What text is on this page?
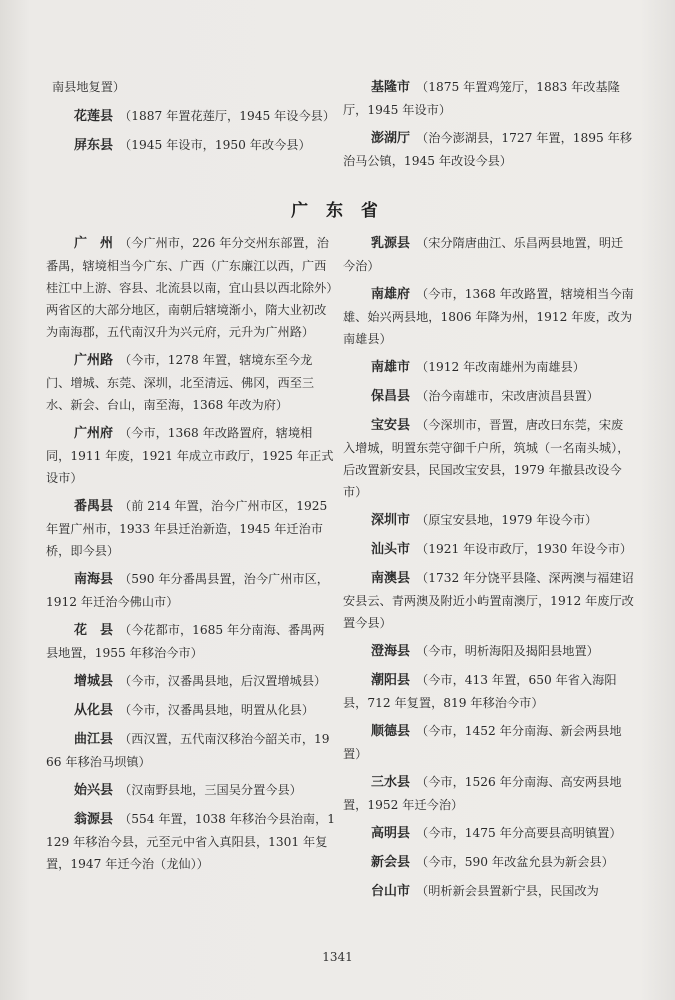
南县地复置）

花莲县 （1887 年置花莲厅，1945 年设今县）

屏东县 （1945 年设市，1950 年改今县）

基隆市 （1875 年置鸡笼厅，1883 年改基隆厅，1945 年设市）

澎湖厅 （治今澎湖县，1727 年置，1895 年移治马公镇，1945 年改设今县）

广 东 省

广　州 （今广州市，226 年分交州东部置，治番禺，辖境相当今广东、广西（广东廉江以西，广西桂江中上游、容县、北流县以南，宜山县以西北除外）两省区的大部分地区，南朝后辖境渐小，隋大业初改为南海郡，五代南汉升为兴元府，元升为广州路）

广州路 （今市，1278 年置，辖境东至今龙门、增城、东莞、深圳，北至清远、佛冈，西至三水、新会、台山，南至海，1368 年改为府）

广州府 （今市，1368 年改路置府，辖境相同，1911 年废，1921 年成立市政厅，1925 年正式设市）

番禺县 （前 214 年置，治今广州市区，1925 年置广州市，1933 年县迁治新造，1945 年迁治市桥，即今县）

南海县 （590 年分番禺县置，治今广州市区，1912 年迁治今佛山市）

花　县 （今花都市，1685 年分南海、番禺两县地置，1955 年移治今市）

增城县 （今市，汉番禺县地，后汉置增城县）

从化县 （今市，汉番禺县地，明置从化县）

曲江县 （西汉置，五代南汉移治今韶关市，1966 年移治马坝镇）

始兴县 （汉南野县地，三国吴分置今县）

翁源县 （554 年置，1038 年移治今县治南，1129 年移治今县，元至元中省入真阳县，1301 年复置，1947 年迁今治（龙仙））

乳源县 （宋分隋唐曲江、乐昌两县地置，明迁今治）

南雄府 （今市，1368 年改路置，辖境相当今南雄、始兴两县地，1806 年降为州，1912 年废，改为南雄县）

南雄市 （1912 年改南雄州为南雄县）

保昌县 （治今南雄市，宋改唐浈昌县置）

宝安县 （今深圳市，晋置，唐改曰东莞，宋废入增城，明置东莞守御千户所，筑城（一名南头城），后改置新安县，民国改宝安县，1979 年撤县改设今市）

深圳市 （原宝安县地，1979 年设今市）

汕头市 （1921 年设市政厅，1930 年设今市）

南澳县 （1732 年分饶平县隆、深两澳与福建诏安县云、青两澳及附近小屿置南澳厅，1912 年废厅改置今县）

澄海县 （今市，明析海阳及揭阳县地置）

潮阳县 （今市，413 年置，650 年省入海阳县，712 年复置，819 年移治今市）

顺德县 （今市，1452 年分南海、新会两县地置）

三水县 （今市，1526 年分南海、高安两县地置，1952 年迁今治）

高明县 （今市，1475 年分高要县高明镇置）

新会县 （今市，590 年改盆允县为新会县）

台山市 （明析新会县置新宁县，民国改为

1341
